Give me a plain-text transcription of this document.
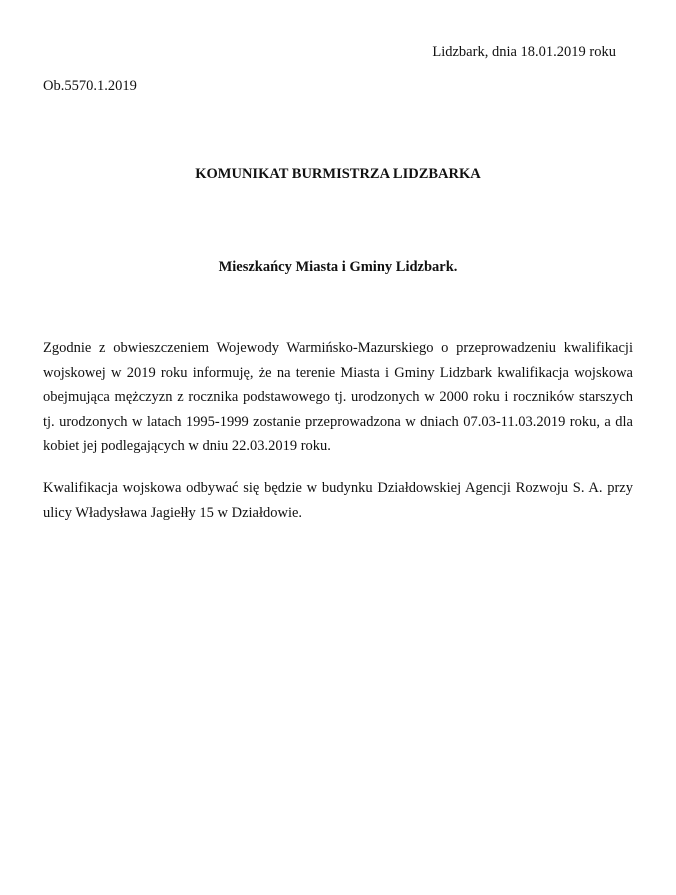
Lidzbark, dnia 18.01.2019 roku
Ob.5570.1.2019
KOMUNIKAT BURMISTRZA LIDZBARKA
Mieszkańcy Miasta i Gminy Lidzbark.
Zgodnie z obwieszczeniem Wojewody Warmińsko-Mazurskiego o przeprowadzeniu kwalifikacji
wojskowej w 2019 roku informuję, że na terenie Miasta i Gminy Lidzbark kwalifikacja wojskowa
obejmująca mężczyzn z rocznika podstawowego tj. urodzonych w 2000 roku i roczników starszych
tj. urodzonych w latach 1995-1999 zostanie przeprowadzona w dniach 07.03-11.03.2019 roku, a dla
kobiet jej podlegających w dniu 22.03.2019 roku.
Kwalifikacja wojskowa odbywać się będzie w budynku Działdowskiej Agencji Rozwoju S. A. przy
ulicy Władysława Jagiełły 15 w Działdowie.
